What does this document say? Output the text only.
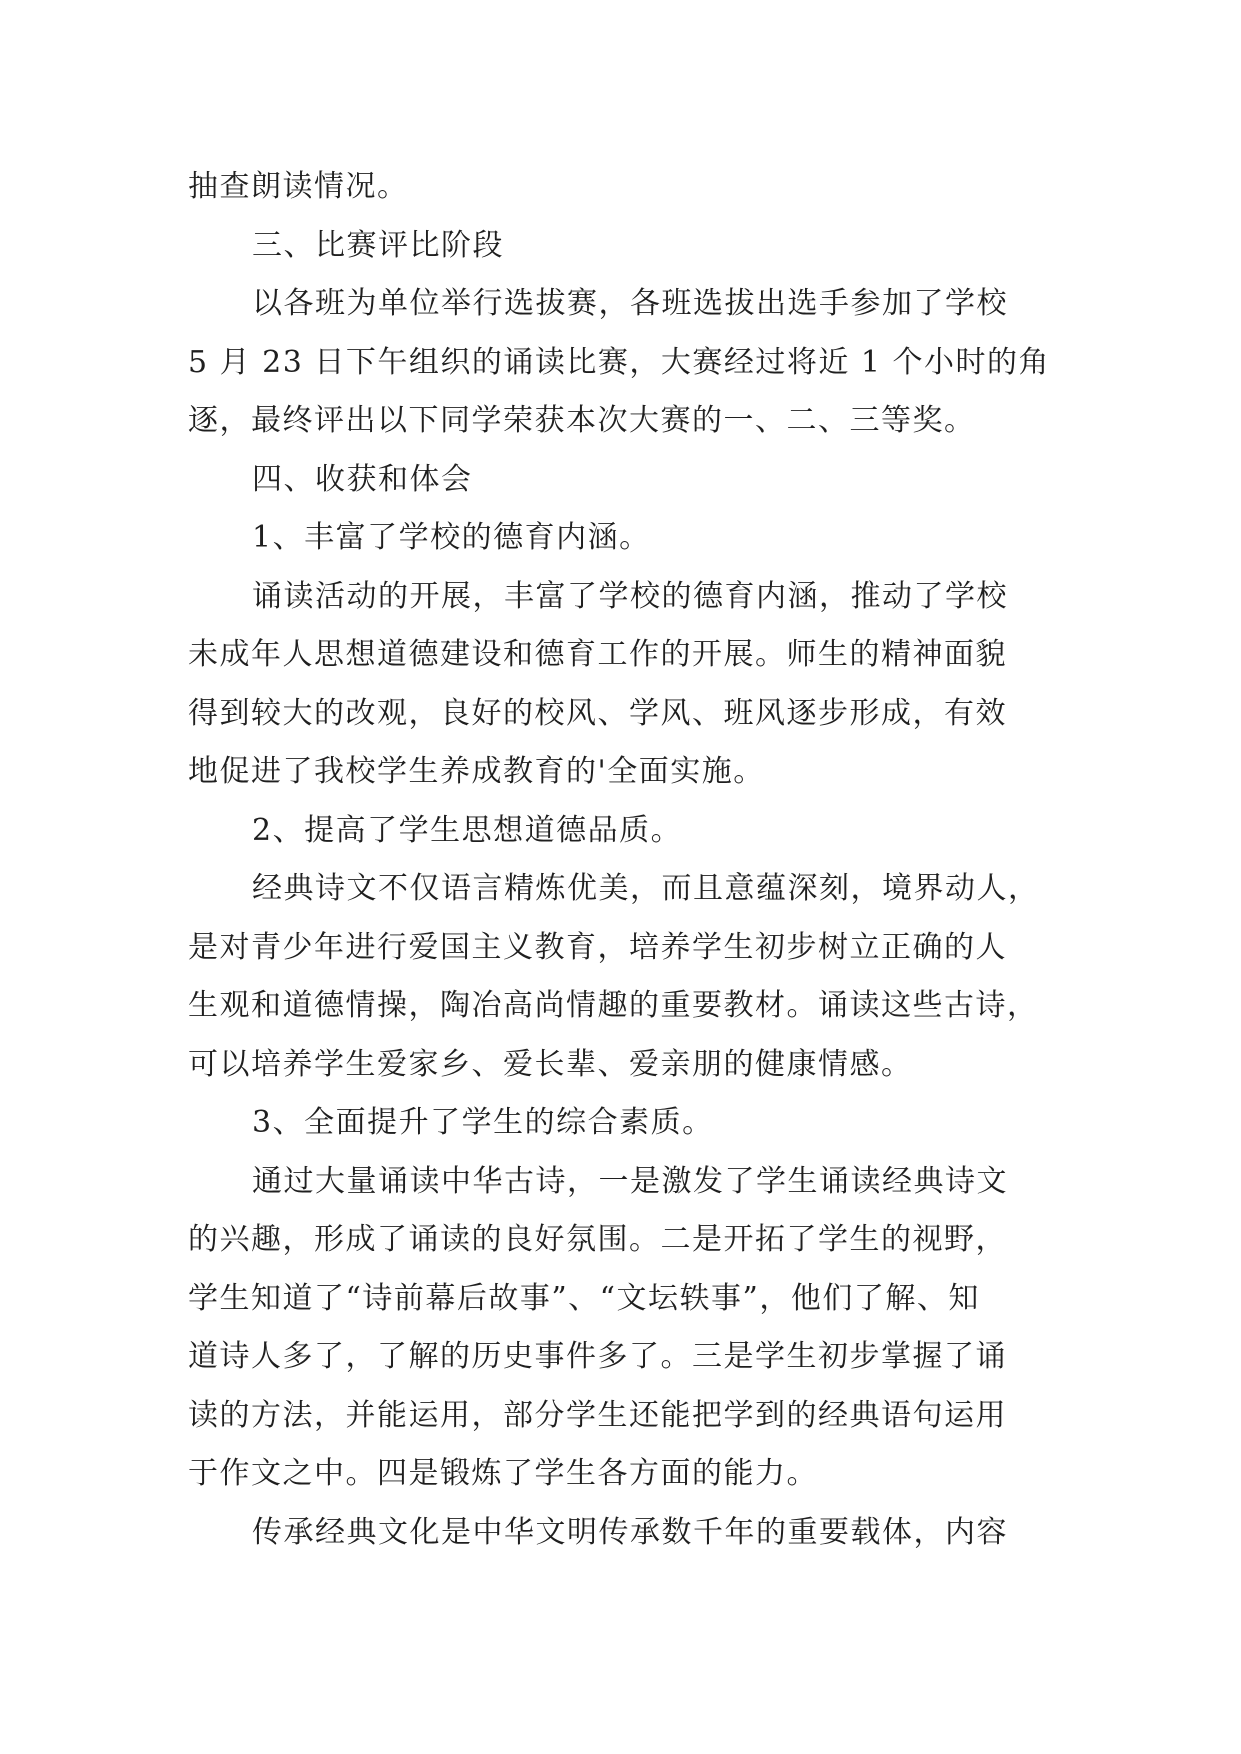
抽查朗读情况。
三、比赛评比阶段
以各班为单位举行选拔赛，各班选拔出选手参加了学校
5 月 23 日下午组织的诵读比赛，大赛经过将近 1 个小时的角
逐，最终评出以下同学荣获本次大赛的一、二、三等奖。
四、收获和体会
1、丰富了学校的德育内涵。
诵读活动的开展，丰富了学校的德育内涵，推动了学校
未成年人思想道德建设和德育工作的开展。师生的精神面貌
得到较大的改观，良好的校风、学风、班风逐步形成，有效
地促进了我校学生养成教育的'全面实施。
2、提高了学生思想道德品质。
经典诗文不仅语言精炼优美，而且意蕴深刻，境界动人，
是对青少年进行爱国主义教育，培养学生初步树立正确的人
生观和道德情操，陶冶高尚情趣的重要教材。诵读这些古诗，
可以培养学生爱家乡、爱长辈、爱亲朋的健康情感。
3、全面提升了学生的综合素质。
通过大量诵读中华古诗，一是激发了学生诵读经典诗文
的兴趣，形成了诵读的良好氛围。二是开拓了学生的视野，
学生知道了“诗前幕后故事”、“文坛轶事”，他们了解、知
道诗人多了，了解的历史事件多了。三是学生初步掌握了诵
读的方法，并能运用，部分学生还能把学到的经典语句运用
于作文之中。四是锻炼了学生各方面的能力。
传承经典文化是中华文明传承数千年的重要载体，内容
